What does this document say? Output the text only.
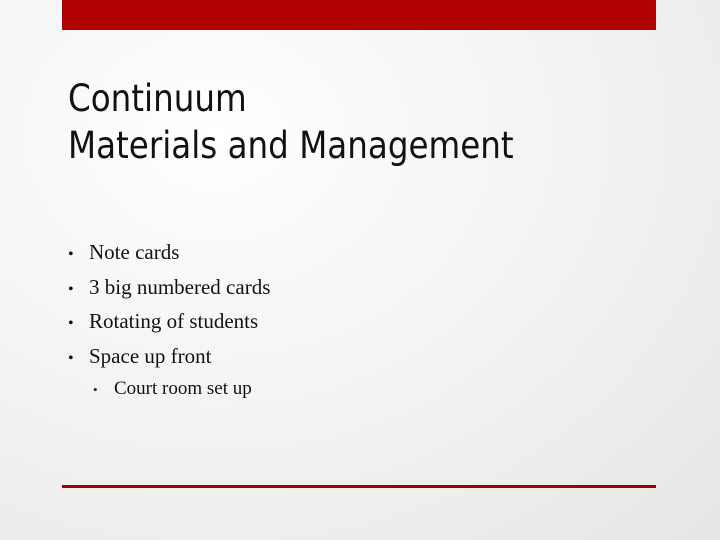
Continuum
Materials and Management
• Note cards
• 3 big numbered cards
• Rotating of students
• Space up front
• Court room set up
